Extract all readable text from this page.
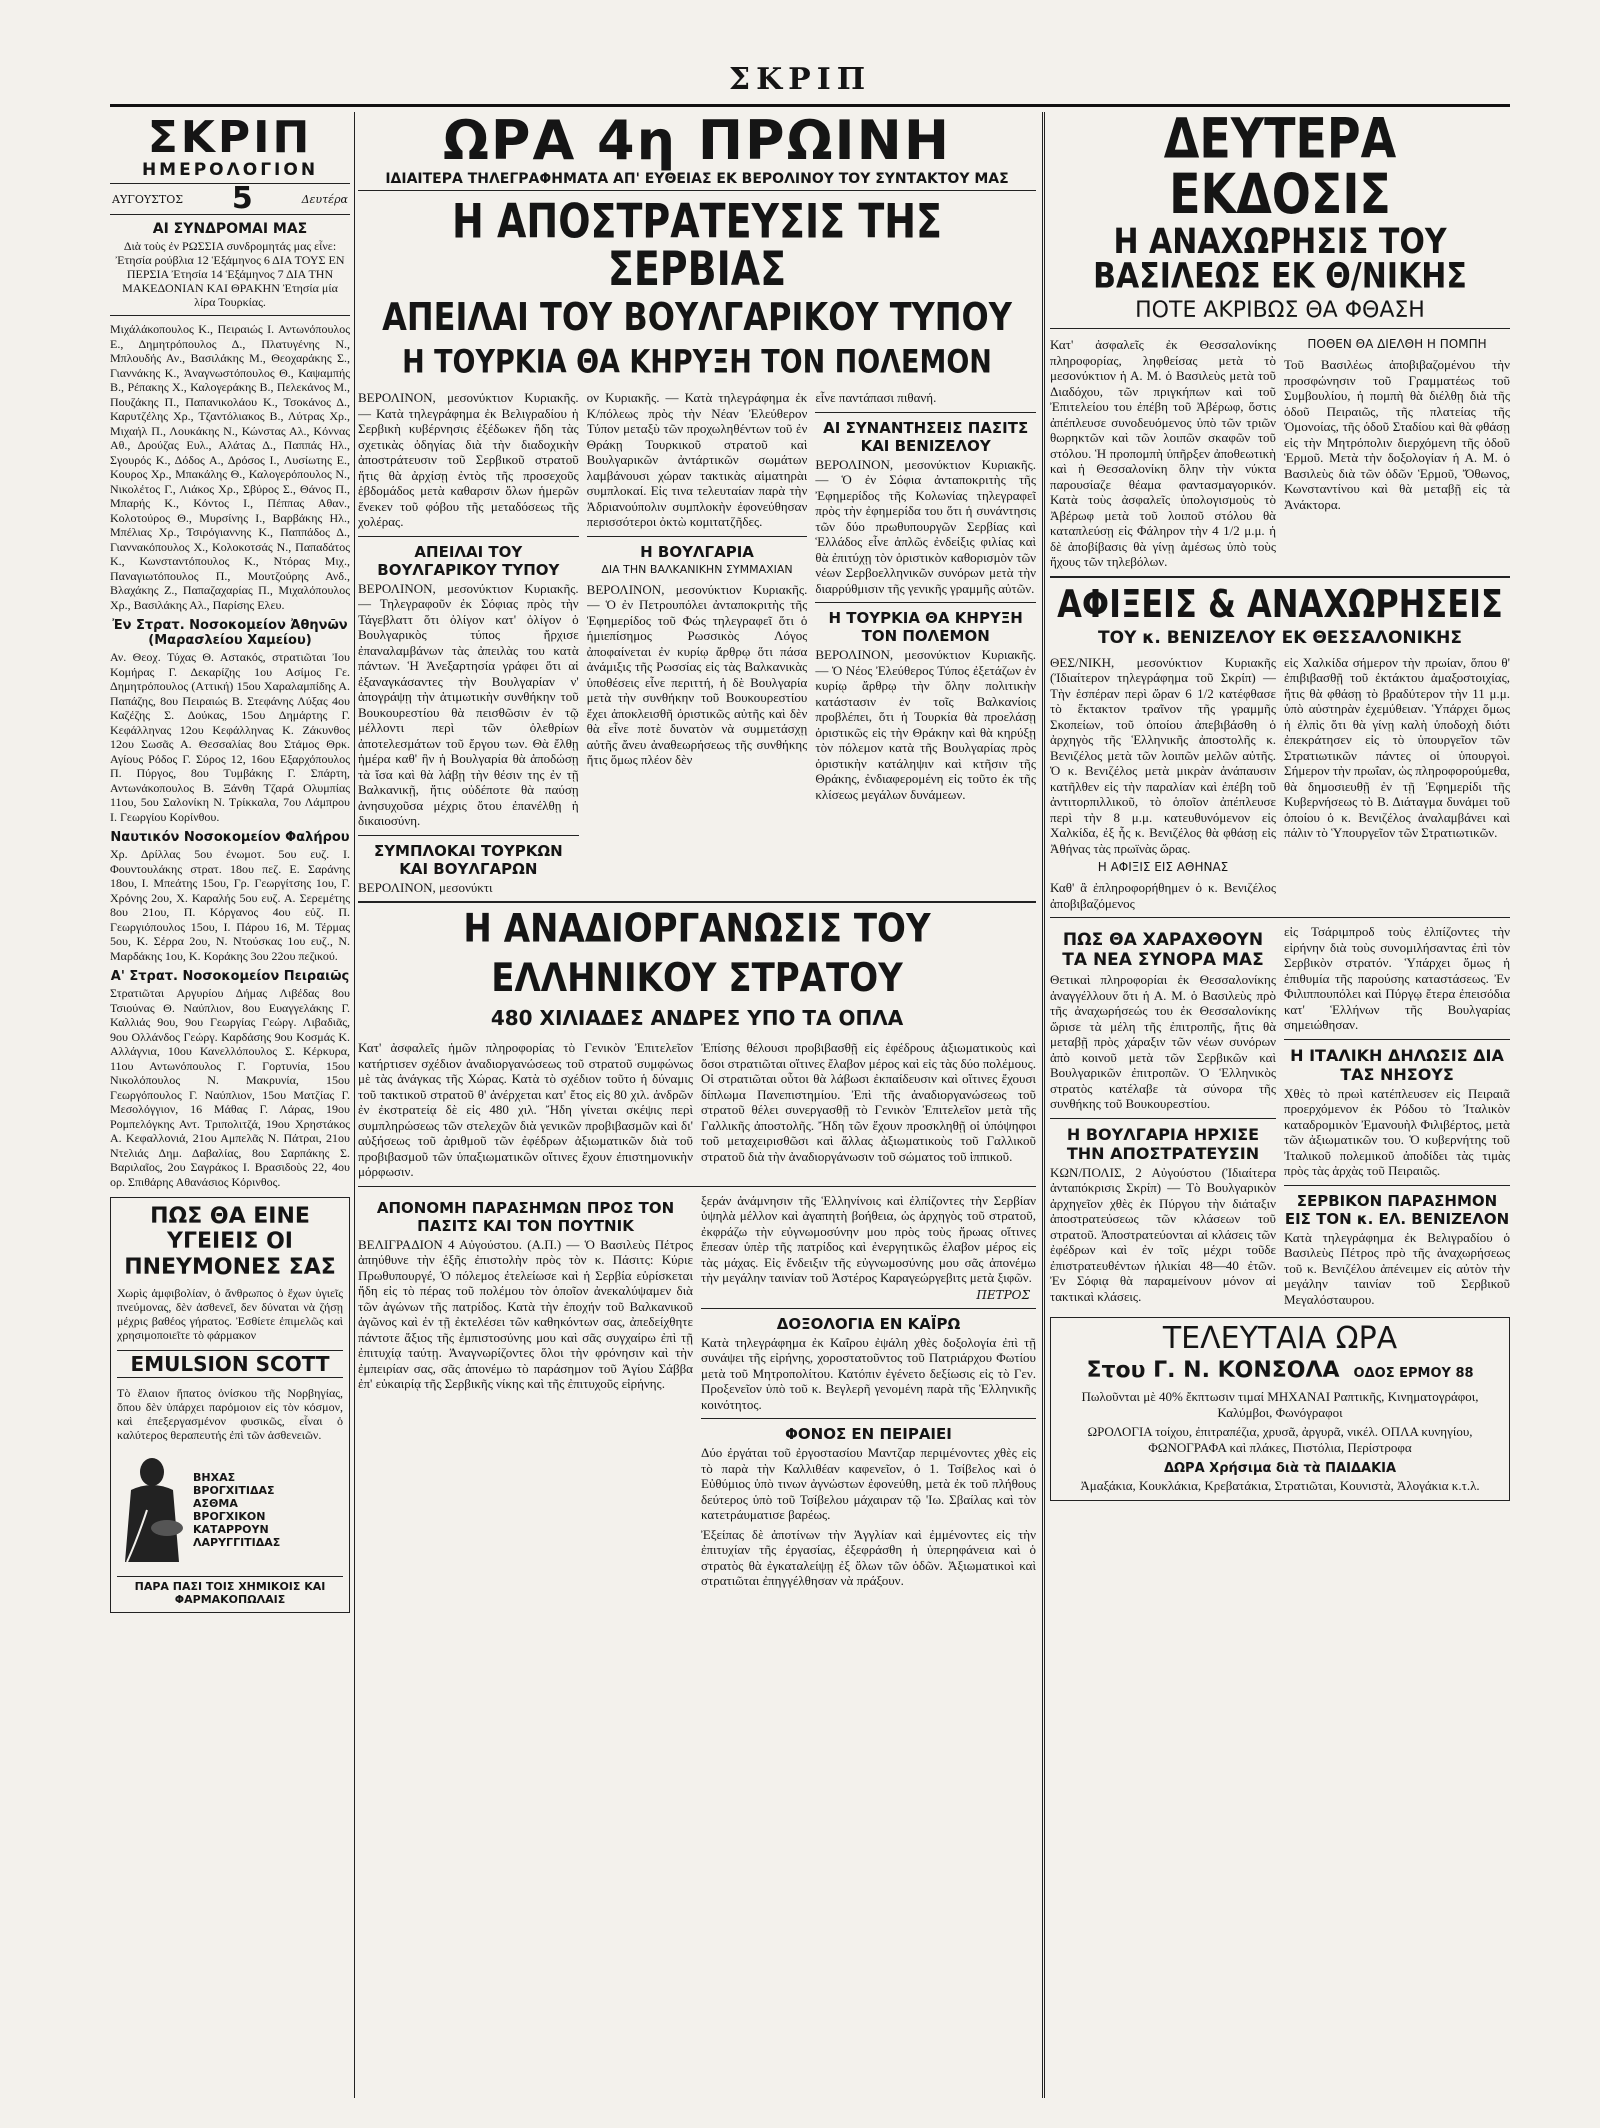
ΣΚΡΙΠ
ΣΚΡΙΠ
ΗΜΕΡΟΛΟΓΙΟΝ
ΑΥΓΟΥΣΤΟΣ 5	Δευτέρα
ΑΙ ΣΥΝΔΡΟΜΑΙ ΜΑΣ
Διὰ τοὺς ἐν ΡΩΣΣΙΑ συνδρομητάς μας εἶνε: Ἐτησία ρούβλια 12 Ἑξάμηνος 6 ΔΙΑ ΤΟΥΣ ΕΝ ΠΕΡΣΙΑ Ἐτησία 14 Ἑξάμηνος 7 ΔΙΑ ΤΗΝ ΜΑΚΕΔΟΝΙΑΝ ΚΑΙ ΘΡΑΚΗΝ Ἐτησία μία λίρα Τουρκίας.
Μιχάλάκοπουλος Κ., Πειραιώς Ι. Αντωνόπουλος Ε., Δημητρόπουλος Δ., Πλατυγένης Ν., Μπλουδής Αν., Βασιλάκης Μ., Θεοχαράκης Σ., Γιαννάκης Κ., Ἀναγνωστόπουλος Θ., Καψαμπής Β., Ρέπακης Χ., Καλογεράκης Β., Πελεκάνος Μ., Πουζάκης Π., Παπανικολάου Κ., Τσοκάνος Δ., Καρυτζέλης Χρ., Τζαντόλιακος Β., Λύτρας Χρ., Μιχαήλ Π., Λουκάκης Ν., Κώνστας Αλ., Κόννας Αθ., Δρούζας Ευλ., Αλάτας Δ., Παππάς Ηλ., Σγουρός Κ., Δόδος Α., Δρόσος Ι., Λυσίωτης Ε., Κουρος Χρ., Μπακάλης Θ., Καλογερόπουλος Ν., Νικολέτος Γ., Λιάκος Χρ., Σβύρος Σ., Θάνος Π., Μπαρής Κ., Κόντος Ι., Πέππας Αθαν., Κολοτούρος Θ., Μυρσίνης Ι., Βαρβάκης Ηλ., Μπέλιας Χρ., Τσιρόγιαννης Κ., Παππάδος Δ., Γιαννακόπουλος Χ., Κολοκοτσάς Ν., Παπαδάτος Κ., Κωνσταντόπουλος Κ., Ντόρας Μιχ., Παναγιωτόπουλος Π., Μουτζούρης Ανδ., Βλαχάκης Ζ., Παπαζαχαρίας Π., Μιχαλόπουλος Χρ., Βασιλάκης Αλ., Παρίσης Ελευ.
Ἐν Στρατ. Νοσοκομείον Ἀθηνῶν (Μαρασλείου Χαμείου)
Αν. Θεοχ. Τύχας Θ. Αστακός, στρατιῶται Ἰου Κομήρας Γ. Δεκαρίζης 1ου Ασίμος Γε. Δημητρόπουλος (Αττική) 15ου Χαραλαμπίδης Α. Παπάζης, 8ου Πειραιώς Β. Στεφάνης Λύξας 4ου Καζέζης Σ. Δούκας, 15ου Δημάρτης Γ. Κεφάλληνας 12ου Κεφάλληνας Κ. Ζάκυνθος 12ου Σωσᾶς Α. Θεσσαλίας 8ου Στάμος Θρκ. Αγίους Ρόδος Γ. Σύρος 12, 16ου Εξαρχόπουλος Π. Πύργος, 8ου Τυμβάκης Γ. Σπάρτη, Αντωνάκοπουλος Β. Ξάνθη Τζαρά Ολυμπίας 11ου, 5ου Σαλονίκη Ν. Τρίκκαλα, 7ου Λάμπρου Ι. Γεωργίου Κορίνθου.
Ναυτικόν Νοσοκομείον Φαλήρου
Χρ. Δρίλλας 5ου ἐνωμοτ. 5ου ευζ. Ι. Φουντουλάκης στρατ. 18ου πεζ. Ε. Σαράνης 18ου, Ι. Μπεάτης 15ου, Γρ. Γεωργίτσης 1ου, Γ. Χρόνης 2ου, Χ. Καραλής 5ου ευζ. Α. Σερεμέτης 8ου 21ου, Π. Κόργανος 4ου εὐζ. Π. Γεωργιόπουλος 15ου, Ι. Πάρου 16, Μ. Τέρμας 5ου, Κ. Σέρρα 2ου, Ν. Ντούσκας 1ου ευζ., Ν. Μαρδάκης 1ου, Κ. Κοράκης 3ου 22ου πεζικού.
Α' Στρατ. Νοσοκομείον Πειραιῶς
Στρατιῶται Αργυρίου Δήμας Λιβέδας 8ου Τσιούνας Θ. Ναύπλιον, 8ου Ευαγγελάκης Γ. Καλλιάς 9ου, 9ου Γεωργίας Γεώργ. Λιβαδιᾶς, 9ου Ολλάνδος Γεώργ. Καρδάσης 9ου Κοσμάς Κ. Αλλάγνια, 10ου Κανελλόπουλος Σ. Κέρκυρα, 11ου Αντωνόπουλος Γ. Γορτυνία, 15ου Νικολόπουλος Ν. Μακρυνία, 15ου Γεωργόπουλος Γ. Ναύπλιον, 15ου Ματζίας Γ. Μεσολόγγιον, 16 Μάθας Γ. Λάρας, 19ου Ρομπελόγκης Αντ. Τριπολιτζά, 19ου Χρηστάκος Α. Κεφαλλονιά, 21ου Αμπελᾶς Ν. Πάτραι, 21ου Ντελιάς Δημ. Δαβαλίας, 8ου Σαρπάκης Σ. Βαριλαῖος, 2ου Σαγράκος Ι. Βρασιδοὺς 22, 4ου ορ. Σπιθάρης Αθανάσιος Κόρινθος.
ΠΩΣ ΘΑ ΕΙΝΕ ΥΓΕΙΕΙΣ ΟΙ ΠΝΕΥΜΟΝΕΣ ΣΑΣ
Χωρὶς ἀμφιβολίαν, ὁ ἄνθρωπος ὁ ἔχων ὑγιεῖς πνεύμονας, δὲν ἀσθενεῖ, δεν δύναται νὰ ζήσῃ μέχρις βαθέος γήρατος. Ἐσθίετε ἐπιμελῶς καὶ χρησιμοποιεῖτε τὸ φάρμακον
EMULSION SCOTT
Τὸ ἔλαιον ἥπατος ὀνίσκου τῆς Νορβηγίας, ὅπου δὲν ὑπάρχει παρόμοιον εἰς τὸν κόσμον, καὶ ἐπεξεργασμένον φυσικῶς, εἶναι ὁ καλύτερος θεραπευτής ἐπὶ τῶν ἀσθενειῶν.
ΒΗΧΑΣ
ΒΡΟΓΧΙΤΙΔΑΣ
ΑΣΘΜΑ
ΒΡΟΓΧΙΚΟΝ ΚΑΤΑΡΡΟΥΝ
ΛΑΡΥΓΓΙΤΙΔΑΣ
ΠΑΡΑ ΠΑΣΙ ΤΟΙΣ ΧΗΜΙΚΟΙΣ ΚΑΙ ΦΑΡΜΑΚΟΠΩΛΑΙΣ
ΩΡΑ 4η ΠΡΩΙΝΗ
ΙΔΙΑΙΤΕΡΑ ΤΗΛΕΓΡΑΦΗΜΑΤΑ ΑΠ' ΕΥΘΕΙΑΣ ΕΚ ΒΕΡΟΛΙΝΟΥ ΤΟΥ ΣΥΝΤΑΚΤΟΥ ΜΑΣ
Η ΑΠΟΣΤΡΑΤΕΥΣΙΣ ΤΗΣ ΣΕΡΒΙΑΣ
ΑΠΕΙΛΑΙ ΤΟΥ ΒΟΥΛΓΑΡΙΚΟΥ ΤΥΠΟΥ
Η ΤΟΥΡΚΙΑ ΘΑ ΚΗΡΥΞΗ ΤΟΝ ΠΟΛΕΜΟΝ
ΒΕΡΟΛΙΝΟΝ, μεσονύκτιον Κυριακῆς. — Κατὰ τηλεγράφημα ἐκ Βελιγραδίου ἡ Σερβικὴ κυβέρνησις ἐξέδωκεν ἤδη τὰς σχετικὰς ὁδηγίας διὰ τὴν διαδοχικὴν ἀποστράτευσιν τοῦ Σερβικοῦ στρατοῦ ἥτις θὰ ἀρχίσῃ ἐντὸς τῆς προσεχοῦς ἑβδομάδος μετὰ καθαρσιν ὅλων ἡμερῶν ἕνεκεν τοῦ φόβου τῆς μεταδόσεως τῆς χολέρας.
ΑΠΕΙΛΑΙ ΤΟΥ ΒΟΥΛΓΑΡΙΚΟΥ ΤΥΠΟΥ
ΒΕΡΟΛΙΝΟΝ, μεσονύκτιον Κυριακῆς. — Τηλεγραφοῦν ἐκ Σόφιας πρὸς τὴν Τάγεβλαττ ὅτι ὀλίγον κατ' ὀλίγον ὁ Βουλγαρικὸς τύπος ἤρχισε ἐπαναλαμβάνων τὰς ἀπειλὰς του κατὰ πάντων. Ἡ Ἀνεξαρτησία γράφει ὅτι αἱ ἐξαναγκάσαντες τὴν Βουλγαρίαν ν' ἀπογράψῃ τὴν ἀτιμωτικὴν συνθήκην τοῦ Βουκουρεστίου θὰ πεισθῶσιν ἐν τῷ μέλλοντι περὶ τῶν ὀλεθρίων ἀποτελεσμάτων τοῦ ἔργου των. Θὰ ἔλθῃ ἡμέρα καθ' ἣν ἡ Βουλγαρία θὰ ἀποδώσῃ τὰ ἴσα καὶ θὰ λάβῃ τὴν θέσιν της ἐν τῇ Βαλκανικῇ, ἥτις οὐδέποτε θὰ παύσῃ ἀνησυχοῦσα μέχρις ὅτου ἐπανέλθῃ ἡ δικαιοσύνη.
ΣΥΜΠΛΟΚΑΙ ΤΟΥΡΚΩΝ ΚΑΙ ΒΟΥΛΓΑΡΩΝ
ΒΕΡΟΛΙΝΟΝ, μεσονύκτι
ον Κυριακῆς. — Κατὰ τηλεγράφημα ἐκ Κ/πόλεως πρὸς τὴν Νέαν Ἐλεύθερον Τύπον μεταξὺ τῶν προχωληθέντων τοῦ ἐν Θράκῃ Τουρκικοῦ στρατοῦ καὶ Βουλγαρικῶν ἀντάρτικῶν σωμάτων λαμβάνουσι χώραν τακτικὰς αἱματηρὰι συμπλοκαί. Εἰς τινα τελευταίαν παρὰ τὴν Ἀδριανούπολιν συμπλοκὴν ἐφονεύθησαν περισσότεροι ὀκτὼ κομιτατζῆδες.
Η ΒΟΥΛΓΑΡΙΑ
ΔΙΑ ΤΗΝ ΒΑΛΚΑΝΙΚΗΝ ΣΥΜΜΑΧΙΑΝ
ΒΕΡΟΛΙΝΟΝ, μεσονύκτιον Κυριακῆς. — Ὁ ἐν Πετρουπόλει ἀνταποκριτὴς τῆς Ἐφημερίδος τοῦ Φώς τηλεγραφεῖ ὅτι ὁ ἡμιεπίσημος Ρωσσικὸς Λόγος ἀποφαίνεται ἐν κυρίῳ ἄρθρῳ ὅτι πάσα ἀνάμιξις τῆς Ρωσσίας εἰς τὰς Βαλκανικὰς ὑποθέσεις εἶνε περιττή, ἡ δὲ Βουλγαρία μετὰ τὴν συνθήκην τοῦ Βουκουρεστίου ἔχει ἀποκλεισθῆ ὁριστικῶς αὐτῆς καὶ δὲν θὰ εἶνε ποτὲ δυνατὸν νὰ συμμετάσχῃ αὐτῆς ἄνευ ἀναθεωρήσεως τῆς συνθήκης ἥτις ὅμως πλέον δὲν
εἶνε παντάπασι πιθανή.
ΑΙ ΣΥΝΑΝΤΗΣΕΙΣ ΠΑΣΙΤΣ ΚΑΙ ΒΕΝΙΖΕΛΟΥ
ΒΕΡΟΛΙΝΟΝ, μεσονύκτιον Κυριακῆς. — Ὁ ἐν Σόφια ἀνταποκριτὴς τῆς Ἐφημερίδος τῆς Κολωνίας τηλεγραφεῖ πρὸς τὴν ἐφημερίδα του ὅτι ἡ συνάντησις τῶν δύο πρωθυπουργῶν Σερβίας καὶ Ἑλλάδος εἶνε ἀπλῶς ἐνδείξις φιλίας καὶ θὰ ἐπιτύχῃ τὸν ὁριστικὸν καθορισμὸν τῶν νέων Σερβοελληνικῶν συνόρων μετὰ τὴν διαρρύθμισιν τῆς γενικῆς γραμμῆς αὐτῶν.
Η ΤΟΥΡΚΙΑ ΘΑ ΚΗΡΥΞΗ ΤΟΝ ΠΟΛΕΜΟΝ
ΒΕΡΟΛΙΝΟΝ, μεσονύκτιον Κυριακῆς. — Ὁ Νέος Ἐλεύθερος Τύπος ἐξετάζων ἐν κυρίῳ ἄρθρῳ τὴν ὅλην πολιτικὴν κατάστασιν ἐν τοῖς Βαλκανίοις προβλέπει, ὅτι ἡ Τουρκία θὰ προελάσῃ ὁριστικῶς εἰς τὴν Θράκην καὶ θὰ κηρύξῃ τὸν πόλεμον κατὰ τῆς Βουλγαρίας πρὸς ὁριστικὴν κατάληψιν καὶ κτῆσιν τῆς Θράκης, ἐνδιαφερομένη εἰς τοῦτο ἐκ τῆς κλίσεως μεγάλων δυνάμεων.
Η ΑΝΑΔΙΟΡΓΑΝΩΣΙΣ ΤΟΥ ΕΛΛΗΝΙΚΟΥ ΣΤΡΑΤΟΥ
480 ΧΙΛΙΑΔΕΣ ΑΝΔΡΕΣ ΥΠΟ ΤΑ ΟΠΛΑ
Κατ' ἀσφαλεῖς ἡμῶν πληροφορίας τὸ Γενικὸν Ἐπιτελεῖον κατήρτισεν σχέδιον ἀναδιοργανώσεως τοῦ στρατοῦ συμφώνως μὲ τὰς ἀνάγκας τῆς Χώρας. Κατὰ τὸ σχέδιον τοῦτο ἡ δύναμις τοῦ τακτικοῦ στρατοῦ θ' ἀνέρχεται κατ' ἔτος εἰς 80 χιλ. ἀνδρῶν ἐν ἐκστρατείᾳ δὲ εἰς 480 χιλ. Ἤδη γίνεται σκέψις περὶ συμπληρώσεως τῶν στελεχῶν διὰ γενικῶν προβιβασμῶν καὶ δι' αὐξήσεως τοῦ ἀριθμοῦ τῶν ἐφέδρων ἀξιωματικῶν διὰ τοῦ προβιβασμοῦ τῶν ὑπαξιωματικῶν οἵτινες ἔχουν ἐπιστημονικὴν μόρφωσιν.
Ἐπίσης θέλουσι προβιβασθῇ εἰς ἐφέδρους ἀξιωματικοὺς καὶ ὅσοι στρατιῶται οἵτινες ἔλαβον μέρος καὶ εἰς τὰς δύο πολέμους. Οἱ στρατιῶται οὗτοι θὰ λάβωσι ἐκπαίδευσιν καὶ οἵτινες ἔχουσι δίπλωμα Πανεπιστημίου. Ἐπὶ τῆς ἀναδιοργανώσεως τοῦ στρατοῦ θέλει συνεργασθῇ τὸ Γενικὸν Ἐπιτελεῖον μετὰ τῆς Γαλλικῆς ἀποστολῆς. Ἤδη τῶν ἔχουν προσκληθῇ οἱ ὑπόψηφοι τοῦ μεταχειρισθῶσι καὶ ἄλλας ἀξιωματικοὺς τοῦ Γαλλικοῦ στρατοῦ διὰ τὴν ἀναδιοργάνωσιν τοῦ σώματος τοῦ ἱππικοῦ.
ΑΠΟΝΟΜΗ ΠΑΡΑΣΗΜΩΝ ΠΡΟΣ ΤΟΝ ΠΑΣΙΤΣ ΚΑΙ ΤΟΝ ΠΟΥΤΝΙΚ
ΒΕΛΙΓΡΑΔΙΟΝ 4 Αὐγούστου. (Α.Π.) — Ὁ Βασιλεὺς Πέτρος ἀπηύθυνε τὴν ἑξῆς ἐπιστολὴν πρὸς τὸν κ. Πάσιτς: Κύριε Πρωθυπουργέ, Ὁ πόλεμος ἐτελείωσε καὶ ἡ Σερβία εὑρίσκεται ἤδη εἰς τὸ πέρας τοῦ πολέμου τὸν ὁποῖον ἀνεκαλύψαμεν διὰ τῶν ἀγώνων τῆς πατρίδος. Κατὰ τὴν ἐποχήν τοῦ Βαλκανικοῦ ἀγῶνος καὶ ἐν τῇ ἐκτελέσει τῶν καθηκόντων σας, ἀπεδείχθητε πάντοτε ἄξιος τῆς ἐμπιστοσύνης μου καὶ σᾶς συγχαίρω ἐπὶ τῇ ἐπιτυχίᾳ ταύτῃ. Ἀναγνωρίζοντες ὅλοι τὴν φρόνησιν καὶ τὴν ἐμπειρίαν σας, σᾶς ἀπονέμω τὸ παράσημον τοῦ Ἀγίου Σάββα ἐπ' εὐκαιρίᾳ τῆς Σερβικῆς νίκης καὶ τῆς ἐπιτυχοῦς εἰρήνης.
ξεράν ἀνάμνησιν τῆς Ἑλληνίνοις καὶ ἐλπίζοντες τὴν Σερβίαν ὑψηλὰ μέλλον καὶ ἀγαπητὴ βοήθεια, ὡς ἀρχηγὸς τοῦ στρατοῦ, ἐκφράζω τὴν εὐγνωμοσύνην μου πρὸς τοὺς ἥρωας οἵτινες ἔπεσαν ὑπὲρ τῆς πατρίδος καὶ ἐνεργητικῶς ἐλαβον μέρος εἰς τὰς μάχας. Εἰς ἔνδειξιν τῆς εὐγνωμοσύνης μου σᾶς ἀπονέμω τὴν μεγάλην ταινίαν τοῦ Ἀστέρος Καραγεώργεβιτς μετὰ ξιφῶν.
ΠΕΤΡΟΣ
ΔΟΞΟΛΟΓΙΑ ΕΝ ΚΑΪΡΩ
Κατὰ τηλεγράφημα ἐκ Καΐρου ἐψάλη χθὲς δοξολογία ἐπὶ τῇ συνάψει τῆς εἰρήνης, χοροστατοῦντος τοῦ Πατριάρχου Φωτίου μετὰ τοῦ Μητροπολίτου. Κατόπιν ἐγένετο δεξίωσις εἰς τὸ Γεν. Προξενεῖον ὑπὸ τοῦ κ. Βεγλερῆ γενομένη παρὰ τῆς Ἑλληνικῆς κοινότητος.
ΦΟΝΟΣ ΕΝ ΠΕΙΡΑΙΕΙ
Δύο ἐργάται τοῦ ἐργοστασίου Μαντζαρ περιμένοντες χθὲς εἰς τὸ παρὰ τὴν Καλλιθέαν καφενεῖον, ὁ 1. Τσίβελος καὶ ὁ Εὐθύμιος ὑπὸ τινων ἀγνώστων ἐφονεύθη, μετὰ ἐκ τοῦ πλήθους δεύτερος ὑπὸ τοῦ Τσίβελου μάχαιραν τῷ 'Ιω. Σβαίλας καὶ τὸν κατετράυματισε βαρέως.
Ἐξείπας δὲ ἀποτίνων τὴν Ἀγγλίαν καὶ ἐμμένοντες εἰς τὴν ἐπιτυχίαν τῆς ἐργασίας, ἐξεφράσθη ἡ ὑπερηφάνεια καὶ ὁ στρατὸς θὰ ἐγκαταλείψῃ ἐξ ὅλων τῶν ὁδῶν. Ἀξιωματικοὶ καὶ στρατιῶται ἐπηγγέλθησαν νὰ πράξουν.
ΔΕΥΤΕΡΑ ΕΚΔΟΣΙΣ
Η ΑΝΑΧΩΡΗΣΙΣ ΤΟΥ ΒΑΣΙΛΕΩΣ ΕΚ Θ/ΝΙΚΗΣ
ΠΟΤΕ ΑΚΡΙΒΩΣ ΘΑ ΦΘΑΣΗ
Κατ' ἀσφαλεῖς ἐκ Θεσσαλονίκης πληροφορίας, ληφθείσας μετὰ τὸ μεσονύκτιον ἡ Α. Μ. ὁ Βασιλεὺς μετὰ τοῦ Διαδόχου, τῶν πριγκήπων καὶ τοῦ Ἐπιτελείου του ἐπέβη τοῦ Ἀβέρωφ, ὅστις ἀπέπλευσε συνοδευόμενος ὑπὸ τῶν τριῶν θωρηκτῶν καὶ τῶν λοιπῶν σκαφῶν τοῦ στόλου. Ἡ προπομπὴ ὑπῆρξεν ἀποθεωτικὴ καὶ ἡ Θεσσαλονίκη ὅλην τὴν νύκτα παρουσίαζε θέαμα φαντασμαγορικόν. Κατὰ τοὺς ἀσφαλεῖς ὑπολογισμοὺς τὸ Ἀβέρωφ μετὰ τοῦ λοιποῦ στόλου θὰ καταπλεύσῃ εἰς Φάληρον τὴν 4 1/2 μ.μ. ἡ δὲ ἀποβίβασις θὰ γίνῃ ἀμέσως ὑπὸ τοὺς ἤχους τῶν τηλεβόλων.
ΠΟΘΕΝ ΘΑ ΔΙΕΛΘΗ Η ΠΟΜΠΗ
Τοῦ Βασιλέως ἀποβιβαζομένου τὴν προσφώνησιν τοῦ Γραμματέως τοῦ Συμβουλίου, ἡ πομπὴ θὰ διέλθῃ διὰ τῆς ὁδοῦ Πειραιῶς, τῆς πλατείας τῆς Ὁμονοίας, τῆς ὁδοῦ Σταδίου καὶ θὰ φθάσῃ εἰς τὴν Μητρόπολιν διερχόμενη τῆς ὁδοῦ Ἑρμοῦ. Μετὰ τὴν δοξολογίαν ἡ Α. Μ. ὁ Βασιλεὺς διὰ τῶν ὁδῶν Ἑρμοῦ, Ὄθωνος, Κωνσταντίνου καὶ θὰ μεταβῇ εἰς τὰ Ἀνάκτορα.
ΑΦΙΞΕΙΣ & ΑΝΑΧΩΡΗΣΕΙΣ
ΤΟΥ κ. ΒΕΝΙΖΕΛΟΥ ΕΚ ΘΕΣΣΑΛΟΝΙΚΗΣ
ΘΕΣ/ΝΙΚΗ, μεσονύκτιον Κυριακῆς (Ἰδιαίτερον τηλεγράφημα τοῦ Σκρίπ) — Τὴν ἑσπέραν περὶ ὥραν 6 1/2 κατέφθασε τὸ ἔκτακτον τραῖνον τῆς γραμμῆς Σκοπείων, τοῦ ὁποίου ἀπεβιβάσθη ὁ ἀρχηγὸς τῆς Ἑλληνικῆς ἀποστολῆς κ. Βενιζέλος μετὰ τῶν λοιπῶν μελῶν αὐτῆς. Ὁ κ. Βενιζέλος μετὰ μικρὰν ἀνάπαυσιν κατῆλθεν εἰς τὴν παραλίαν καὶ ἐπέβη τοῦ ἀντιτορπιλλικοῦ, τὸ ὁποῖον ἀπέπλευσε περὶ τὴν 8 μ.μ. κατευθυνόμενον εἰς Χαλκίδα, ἐξ ἧς κ. Βενιζέλος θὰ φθάσῃ εἰς Ἀθήνας τὰς πρωϊνὰς ὥρας.
Η ΑΦΙΞΙΣ ΕΙΣ ΑΘΗΝΑΣ
Καθ' ἃ ἐπληροφορήθημεν ὁ κ. Βενιζέλος ἀποβιβαζόμενος
εἰς Χαλκίδα σήμερον τὴν πρωίαν, ὅπου θ' ἐπιβιβασθῇ τοῦ ἐκτάκτου ἀμαξοστοιχίας, ἥτις θὰ φθάσῃ τὸ βραδύτερον τὴν 11 μ.μ. ὑπὸ αὐστηρὰν ἐχεμύθειαν. Ὑπάρχει ὅμως ἡ ἐλπὶς ὅτι θὰ γίνῃ καλὴ ὑποδοχὴ διότι ἐπεκράτησεν εἰς τὸ ὑπουργεῖον τῶν Στρατιωτικῶν πάντες οἱ ὑπουργοὶ. Σήμερον τὴν πρωΐαν, ὡς πληροφορούμεθα, θὰ δημοσιευθῇ ἐν τῇ Ἐφημερίδι τῆς Κυβερνήσεως τὸ Β. Διάταγμα δυνάμει τοῦ ὁποίου ὁ κ. Βενιζέλος ἀναλαμβάνει καὶ πάλιν τὸ Ὑπουργεῖον τῶν Στρατιωτικῶν.
ΠΩΣ ΘΑ ΧΑΡΑΧΘΟΥΝ ΤΑ ΝΕΑ ΣΥΝΟΡΑ ΜΑΣ
Θετικαὶ πληροφορίαι ἐκ Θεσσαλονίκης ἀναγγέλλουν ὅτι ἡ Α. Μ. ὁ Βασιλεὺς πρὸ τῆς ἀναχωρήσεώς του ἐκ Θεσσαλονίκης ὥρισε τὰ μέλη τῆς ἐπιτροπῆς, ἥτις θὰ μεταβῇ πρὸς χάραξιν τῶν νέων συνόρων ἀπὸ κοινοῦ μετὰ τῶν Σερβικῶν καὶ Βουλγαρικῶν ἐπιτροπῶν. Ὁ Ἑλληνικὸς στρατὸς κατέλαβε τὰ σύνορα τῆς συνθήκης τοῦ Βουκουρεστίου.
Η ΒΟΥΛΓΑΡΙΑ ΗΡΧΙΣΕ ΤΗΝ ΑΠΟΣΤΡΑΤΕΥΣΙΝ
ΚΩΝ/ΠΟΛΙΣ, 2 Αὐγούστου (Ἰδιαίτερα ἀνταπόκρισις Σκρίπ) — Τὸ Βουλγαρικὸν ἀρχηγεῖον χθὲς ἐκ Πύργου τὴν διάταξιν ἀποστρατεύσεως τῶν κλάσεων τοῦ στρατοῦ. Ἀποστρατεύονται αἱ κλάσεις τῶν ἐφέδρων καὶ ἐν τοῖς μέχρι τοῦδε ἐπιστρατευθέντων ἡλικίαι 48—40 ἐτῶν. Ἐν Σόφιᾳ θὰ παραμείνουν μόνον αἱ τακτικαὶ κλάσεις.
εἰς Τσάριμπροδ τοὺς ἐλπίζοντες τὴν εἰρήνην διὰ τοὺς συνομιλήσαντας ἐπὶ τὸν Σερβικὸν στρατόν. Ὑπάρχει ὅμως ἡ ἐπιθυμία τῆς παρούσης καταστάσεως. Ἐν Φιλιππουπόλει καὶ Πύργῳ ἔτερα ἐπεισόδια κατ' Ἑλλήνων τῆς Βουλγαρίας σημειώθησαν.
Η ΙΤΑΛΙΚΗ ΔΗΛΩΣΙΣ ΔΙΑ ΤΑΣ ΝΗΣΟΥΣ
Χθὲς τὸ πρωὶ κατέπλευσεν εἰς Πειραιᾶ προερχόμενον ἐκ Ρόδου τὸ Ἰταλικὸν καταδρομικὸν Ἐμανουὴλ Φιλιβέρτος, μετὰ τῶν ἀξιωματικῶν του. Ὁ κυβερνήτης τοῦ Ἰταλικοῦ πολεμικοῦ ἀποδίδει τὰς τιμὰς πρὸς τὰς ἀρχὰς τοῦ Πειραιῶς.
ΣΕΡΒΙΚΟΝ ΠΑΡΑΣΗΜΟΝ ΕΙΣ ΤΟΝ κ. ΕΛ. ΒΕΝΙΖΕΛΟΝ
Κατὰ τηλεγράφημα ἐκ Βελιγραδίου ὁ Βασιλεὺς Πέτρος πρὸ τῆς ἀναχωρήσεως τοῦ κ. Βενιζέλου ἀπένειμεν εἰς αὐτὸν τὴν μεγάλην ταινίαν τοῦ Σερβικοῦ Μεγαλόσταυρου.
ΤΕΛΕΥΤΑΙΑ ΩΡΑ
Στου Γ. Ν. ΚΟΝΣΟΛΑ ΟΔΟΣ ΕΡΜΟΥ 88
Πωλοῦνται μὲ 40% ἔκπτωσιν τιμαί ΜΗΧΑΝΑΙ Ραπτικῆς, Κινηματογράφοι, Καλύμβοι, Φωνόγραφοι
ΩΡΟΛΟΓΙΑ τοίχου, ἐπιτραπέζια, χρυσᾶ, ἀργυρᾶ, νικέλ. ΟΠΛΑ κυνηγίου, ΦΩΝΟΓΡΑΦΑ καὶ πλάκες, Πιστόλια, Περίστροφα
ΔΩΡΑ Χρήσιμα διὰ τὰ ΠΑΙΔΑΚΙΑ
Ἀμαξάκια, Κουκλάκια, Κρεβατάκια, Στρατιῶται, Κουνιστὰ, Ἀλογάκια κ.τ.λ.
